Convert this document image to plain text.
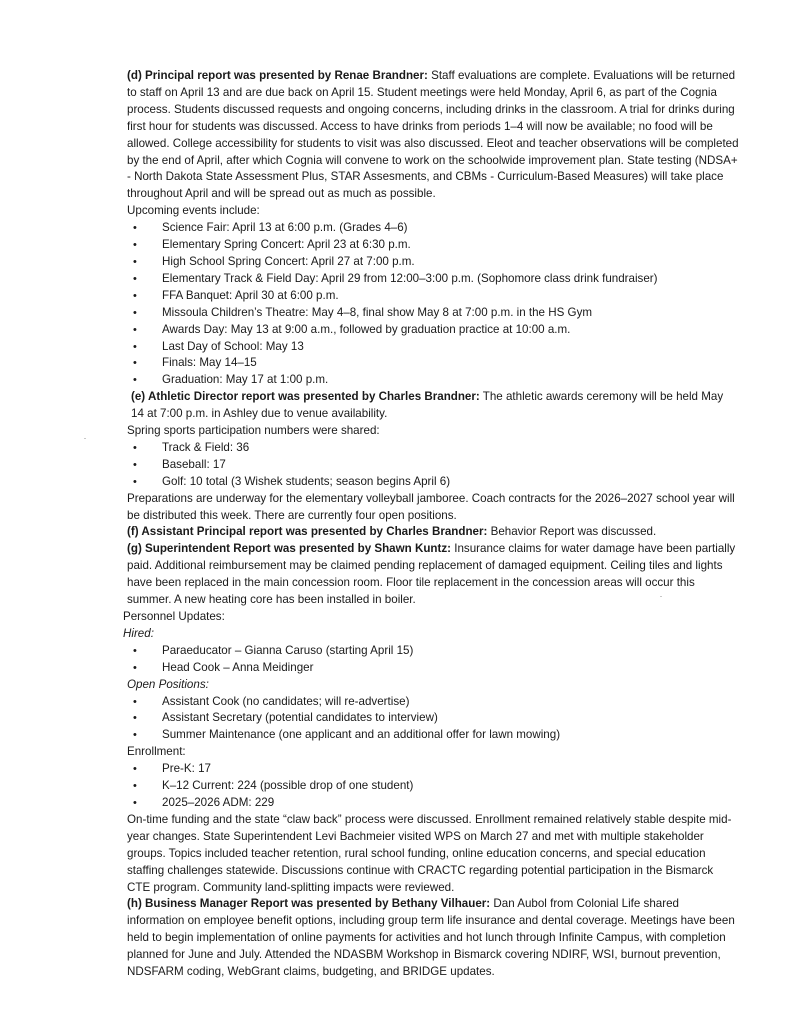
(d) Principal report was presented by Renae Brandner: Staff evaluations are complete. Evaluations will be returned to staff on April 13 and are due back on April 15. Student meetings were held Monday, April 6, as part of the Cognia process. Students discussed requests and ongoing concerns, including drinks in the classroom. A trial for drinks during first hour for students was discussed. Access to have drinks from periods 1–4 will now be available; no food will be allowed. College accessibility for students to visit was also discussed. Eleot and teacher observations will be completed by the end of April, after which Cognia will convene to work on the schoolwide improvement plan. State testing (NDSA+ - North Dakota State Assessment Plus, STAR Assesments, and CBMs - Curriculum-Based Measures) will take place throughout April and will be spread out as much as possible.

Upcoming events include:

• Science Fair: April 13 at 6:00 p.m. (Grades 4–6)
• Elementary Spring Concert: April 23 at 6:30 p.m.
• High School Spring Concert: April 27 at 7:00 p.m.
• Elementary Track & Field Day: April 29 from 12:00–3:00 p.m. (Sophomore class drink fundraiser)
• FFA Banquet: April 30 at 6:00 p.m.
• Missoula Children’s Theatre: May 4–8, final show May 8 at 7:00 p.m. in the HS Gym
• Awards Day: May 13 at 9:00 a.m., followed by graduation practice at 10:00 a.m.
• Last Day of School: May 13
• Finals: May 14–15
• Graduation: May 17 at 1:00 p.m.

(e) Athletic Director report was presented by Charles Brandner: The athletic awards ceremony will be held May 14 at 7:00 p.m. in Ashley due to venue availability.

Spring sports participation numbers were shared:

• Track & Field: 36
• Baseball: 17
• Golf: 10 total (3 Wishek students; season begins April 6)

Preparations are underway for the elementary volleyball jamboree. Coach contracts for the 2026–2027 school year will be distributed this week. There are currently four open positions.

(f) Assistant Principal report was presented by Charles Brandner: Behavior Report was discussed.

(g) Superintendent Report was presented by Shawn Kuntz: Insurance claims for water damage have been partially paid. Additional reimbursement may be claimed pending replacement of damaged equipment. Ceiling tiles and lights have been replaced in the main concession room. Floor tile replacement in the concession areas will occur this summer. A new heating core has been installed in boiler.

Personnel Updates:

Hired:

• Paraeducator – Gianna Caruso (starting April 15)
• Head Cook – Anna Meidinger

Open Positions:

• Assistant Cook (no candidates; will re-advertise)
• Assistant Secretary (potential candidates to interview)
• Summer Maintenance (one applicant and an additional offer for lawn mowing)

Enrollment:

• Pre-K: 17
• K–12 Current: 224 (possible drop of one student)
• 2025–2026 ADM: 229

On-time funding and the state “claw back” process were discussed. Enrollment remained relatively stable despite mid-year changes. State Superintendent Levi Bachmeier visited WPS on March 27 and met with multiple stakeholder groups. Topics included teacher retention, rural school funding, online education concerns, and special education staffing challenges statewide. Discussions continue with CRACTC regarding potential participation in the Bismarck CTE program. Community land-splitting impacts were reviewed.

(h) Business Manager Report was presented by Bethany Vilhauer: Dan Aubol from Colonial Life shared information on employee benefit options, including group term life insurance and dental coverage. Meetings have been held to begin implementation of online payments for activities and hot lunch through Infinite Campus, with completion planned for June and July. Attended the NDASBM Workshop in Bismarck covering NDIRF, WSI, burnout prevention, NDSFARM coding, WebGrant claims, budgeting, and BRIDGE updates.
